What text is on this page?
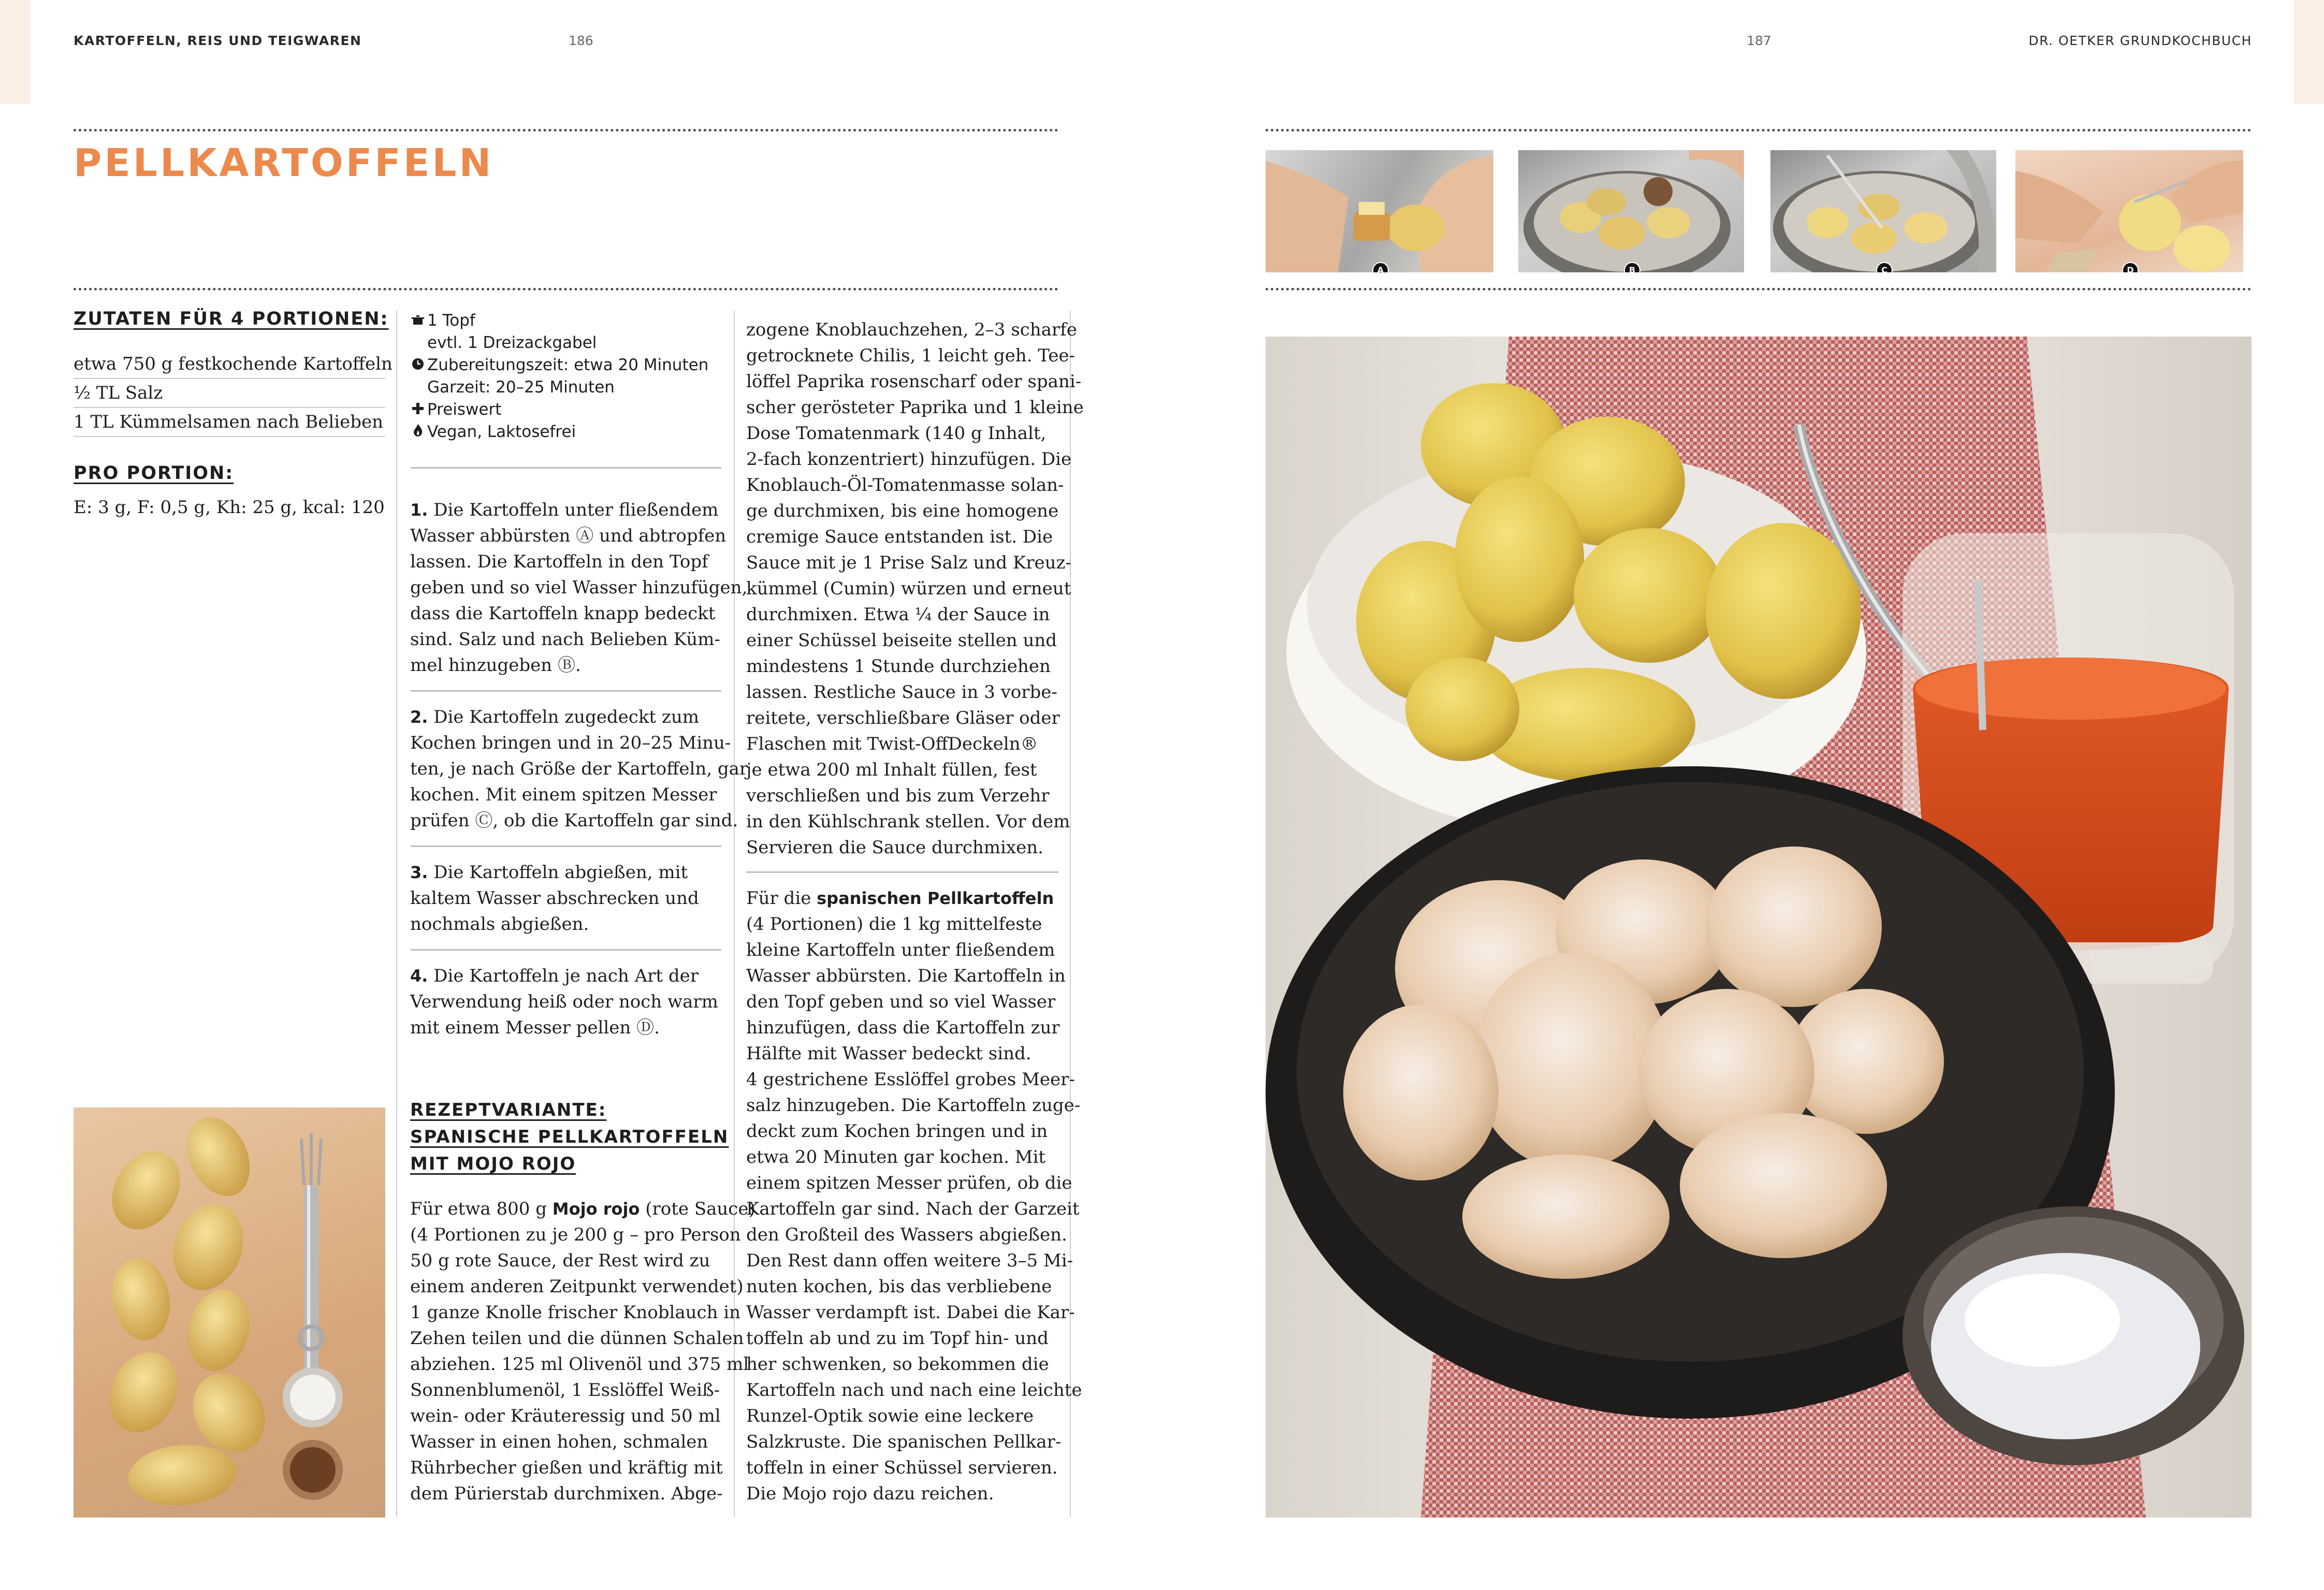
KARTOFFELN, REIS UND TEIGWAREN	186	187	DR. OETKER GRUNDKOCHBUCH
PELLKARTOFFELN
ZUTATEN FÜR 4 PORTIONEN:
etwa 750 g festkochende Kartoffeln
½ TL Salz
1 TL Kümmelsamen nach Belieben
PRO PORTION:
E: 3 g, F: 0,5 g, Kh: 25 g, kcal: 120
1 Topf
evtl. 1 Dreizackgabel
Zubereitungszeit: etwa 20 Minuten
Garzeit: 20–25 Minuten
Preiswert
Vegan, Laktosefrei
1. Die Kartoffeln unter fließendem
Wasser abbürsten Ⓐ und abtropfen
lassen. Die Kartoffeln in den Topf
geben und so viel Wasser hinzufügen,
dass die Kartoffeln knapp bedeckt
sind. Salz und nach Belieben Küm-
mel hinzugeben Ⓑ.
2. Die Kartoffeln zugedeckt zum
Kochen bringen und in 20–25 Minu-
ten, je nach Größe der Kartoffeln, gar
kochen. Mit einem spitzen Messer
prüfen Ⓒ, ob die Kartoffeln gar sind.
3. Die Kartoffeln abgießen, mit
kaltem Wasser abschrecken und
nochmals abgießen.
4. Die Kartoffeln je nach Art der
Verwendung heiß oder noch warm
mit einem Messer pellen Ⓓ.
REZEPTVARIANTE:
SPANISCHE PELLKARTOFFELN
MIT MOJO ROJO
Für etwa 800 g Mojo rojo (rote Sauce)
(4 Portionen zu je 200 g – pro Person
50 g rote Sauce, der Rest wird zu
einem anderen Zeitpunkt verwendet)
1 ganze Knolle frischer Knoblauch in
Zehen teilen und die dünnen Schalen
abziehen. 125 ml Olivenöl und 375 ml
Sonnenblumenöl, 1 Esslöffel Weiß-
wein- oder Kräuteressig und 50 ml
Wasser in einen hohen, schmalen
Rührbecher gießen und kräftig mit
dem Pürierstab durchmixen. Abge-
zogene Knoblauchzehen, 2–3 scharfe
getrocknete Chilis, 1 leicht geh. Tee-
löffel Paprika rosenscharf oder spani-
scher gerösteter Paprika und 1 kleine
Dose Tomatenmark (140 g Inhalt,
2-fach konzentriert) hinzufügen. Die
Knoblauch-Öl-Tomatenmasse solan-
ge durchmixen, bis eine homogene
cremige Sauce entstanden ist. Die
Sauce mit je 1 Prise Salz und Kreuz-
kümmel (Cumin) würzen und erneut
durchmixen. Etwa ¼ der Sauce in
einer Schüssel beiseite stellen und
mindestens 1 Stunde durchziehen
lassen. Restliche Sauce in 3 vorbe-
reitete, verschließbare Gläser oder
Flaschen mit Twist-OffDeckeln®
je etwa 200 ml Inhalt füllen, fest
verschließen und bis zum Verzehr
in den Kühlschrank stellen. Vor dem
Servieren die Sauce durchmixen.
Für die spanischen Pellkartoffeln
(4 Portionen) die 1 kg mittelfeste
kleine Kartoffeln unter fließendem
Wasser abbürsten. Die Kartoffeln in
den Topf geben und so viel Wasser
hinzufügen, dass die Kartoffeln zur
Hälfte mit Wasser bedeckt sind.
4 gestrichene Esslöffel grobes Meer-
salz hinzugeben. Die Kartoffeln zuge-
deckt zum Kochen bringen und in
etwa 20 Minuten gar kochen. Mit
einem spitzen Messer prüfen, ob die
Kartoffeln gar sind. Nach der Garzeit
den Großteil des Wassers abgießen.
Den Rest dann offen weitere 3–5 Mi-
nuten kochen, bis das verbliebene
Wasser verdampft ist. Dabei die Kar-
toffeln ab und zu im Topf hin- und
her schwenken, so bekommen die
Kartoffeln nach und nach eine leichte
Runzel-Optik sowie eine leckere
Salzkruste. Die spanischen Pellkar-
toffeln in einer Schüssel servieren.
Die Mojo rojo dazu reichen.
A	B	C	D
